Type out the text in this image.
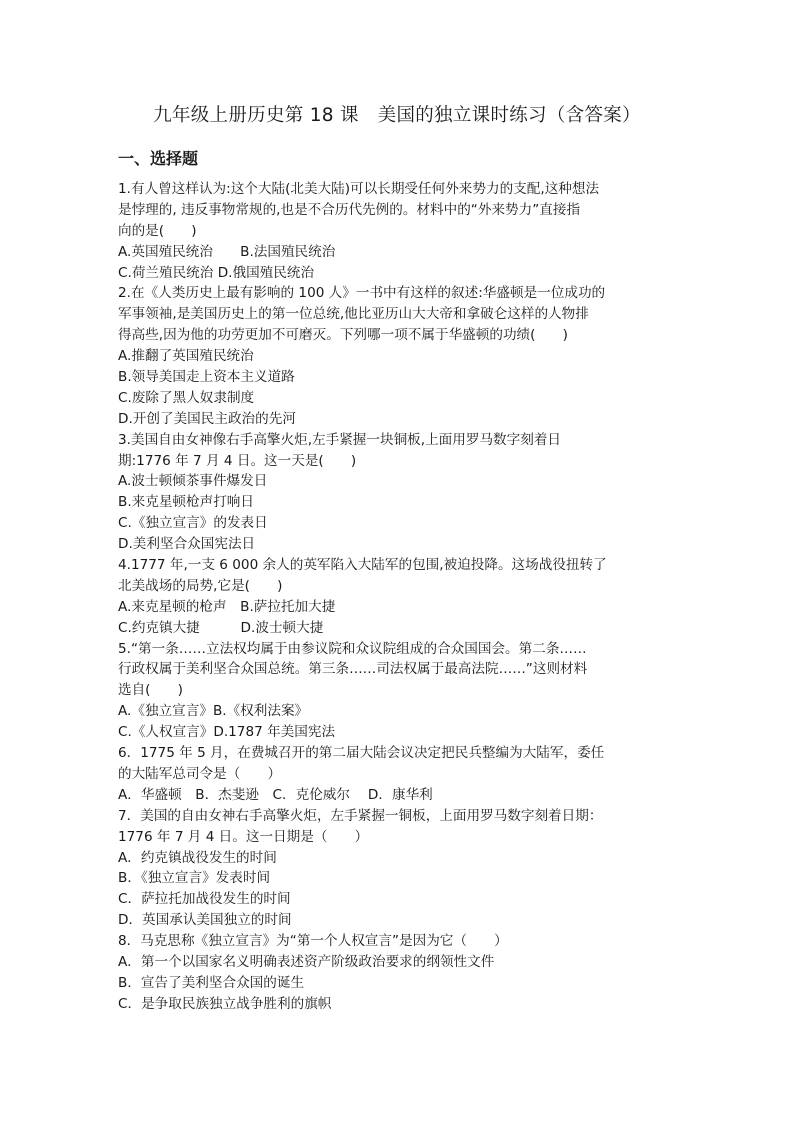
九年级上册历史第 18 课　美国的独立课时练习（含答案）
一、选择题
1.有人曾这样认为:这个大陆(北美大陆)可以长期受任何外来势力的支配,这种想法
是悖理的, 违反事物常规的,也是不合历代先例的。材料中的“外来势力”直接指
向的是(　　)
A.英国殖民统治　　B.法国殖民统治
C.荷兰殖民统治 D.俄国殖民统治
2.在《人类历史上最有影响的 100 人》一书中有这样的叙述:华盛顿是一位成功的
军事领袖,是美国历史上的第一位总统,他比亚历山大大帝和拿破仑这样的人物排
得高些,因为他的功劳更加不可磨灭。下列哪一项不属于华盛顿的功绩(　　)
A.推翻了英国殖民统治
B.领导美国走上资本主义道路
C.废除了黑人奴隶制度
D.开创了美国民主政治的先河
3.美国自由女神像右手高擎火炬,左手紧握一块铜板,上面用罗马数字刻着日
期:1776 年 7 月 4 日。这一天是(　　)
A.波士顿倾茶事件爆发日
B.来克星顿枪声打响日
C.《独立宣言》的发表日
D.美利坚合众国宪法日
4.1777 年,一支 6 000 余人的英军陷入大陆军的包围,被迫投降。这场战役扭转了
北美战场的局势,它是(　　)
A.来克星顿的枪声　B.萨拉托加大捷
C.约克镇大捷　　　D.波士顿大捷
5.“第一条……立法权均属于由参议院和众议院组成的合众国国会。第二条……
行政权属于美利坚合众国总统。第三条……司法权属于最高法院……”这则材料
选自(　　)
A.《独立宣言》B.《权利法案》
C.《人权宣言》D.1787 年美国宪法
6．1775 年 5 月，在费城召开的第二届大陆会议决定把民兵整编为大陆军，委任
的大陆军总司令是（　　）
A．华盛顿　B．杰斐逊　C．克伦威尔　 D．康华利
7．美国的自由女神右手高擎火炬，左手紧握一铜板，上面用罗马数字刻着日期：
1776 年 7 月 4 日。这一日期是（　　）
A．约克镇战役发生的时间
B．《独立宣言》发表时间
C．萨拉托加战役发生的时间
D．英国承认美国独立的时间
8．马克思称《独立宣言》为“第一个人权宣言”是因为它（　　）
A．第一个以国家名义明确表述资产阶级政治要求的纲领性文件
B．宣告了美利坚合众国的诞生
C．是争取民族独立战争胜利的旗帜
